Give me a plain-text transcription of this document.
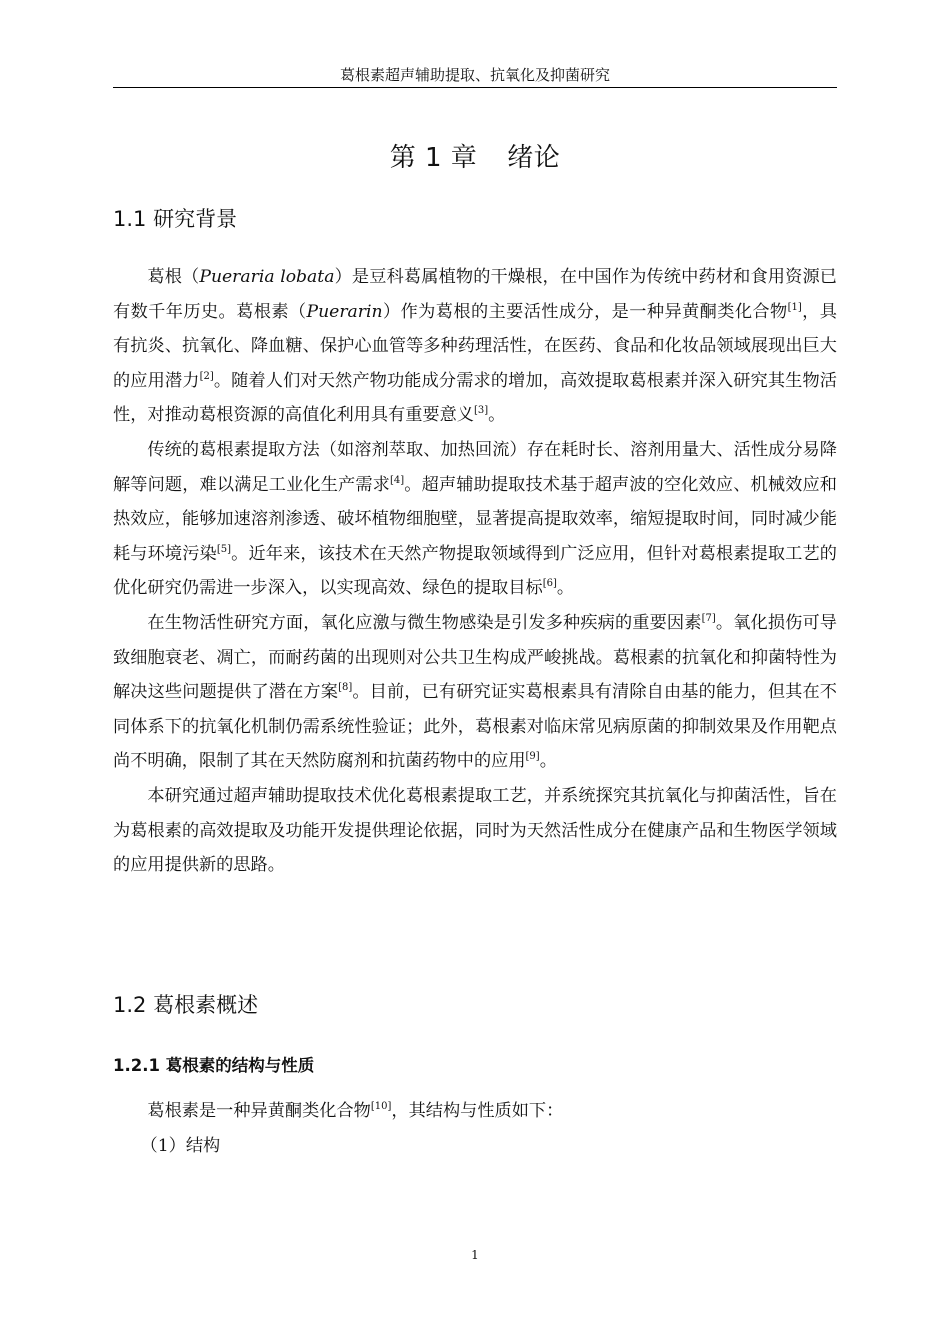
葛根素超声辅助提取、抗氧化及抑菌研究
第 1 章 绪论
1.1 研究背景

葛根（Pueraria lobata）是豆科葛属植物的干燥根，在中国作为传统中药材和食用资源已有数千年历史。葛根素（Puerarin）作为葛根的主要活性成分，是一种异黄酮类化合物[1]，具有抗炎、抗氧化、降血糖、保护心血管等多种药理活性，在医药、食品和化妆品领域展现出巨大的应用潜力[2]。随着人们对天然产物功能成分需求的增加，高效提取葛根素并深入研究其生物活性，对推动葛根资源的高值化利用具有重要意义[3]。

传统的葛根素提取方法（如溶剂萃取、加热回流）存在耗时长、溶剂用量大、活性成分易降解等问题，难以满足工业化生产需求[4]。超声辅助提取技术基于超声波的空化效应、机械效应和热效应，能够加速溶剂渗透、破坏植物细胞壁，显著提高提取效率，缩短提取时间，同时减少能耗与环境污染[5]。近年来，该技术在天然产物提取领域得到广泛应用，但针对葛根素提取工艺的优化研究仍需进一步深入，以实现高效、绿色的提取目标[6]。

在生物活性研究方面，氧化应激与微生物感染是引发多种疾病的重要因素[7]。氧化损伤可导致细胞衰老、凋亡，而耐药菌的出现则对公共卫生构成严峻挑战。葛根素的抗氧化和抑菌特性为解决这些问题提供了潜在方案[8]。目前，已有研究证实葛根素具有清除自由基的能力，但其在不同体系下的抗氧化机制仍需系统性验证；此外，葛根素对临床常见病原菌的抑制效果及作用靶点尚不明确，限制了其在天然防腐剂和抗菌药物中的应用[9]。

本研究通过超声辅助提取技术优化葛根素提取工艺，并系统探究其抗氧化与抑菌活性，旨在为葛根素的高效提取及功能开发提供理论依据，同时为天然活性成分在健康产品和生物医学领域的应用提供新的思路。

1.2 葛根素概述
1.2.1 葛根素的结构与性质

葛根素是一种异黄酮类化合物[10]，其结构与性质如下：

（1）结构

1
